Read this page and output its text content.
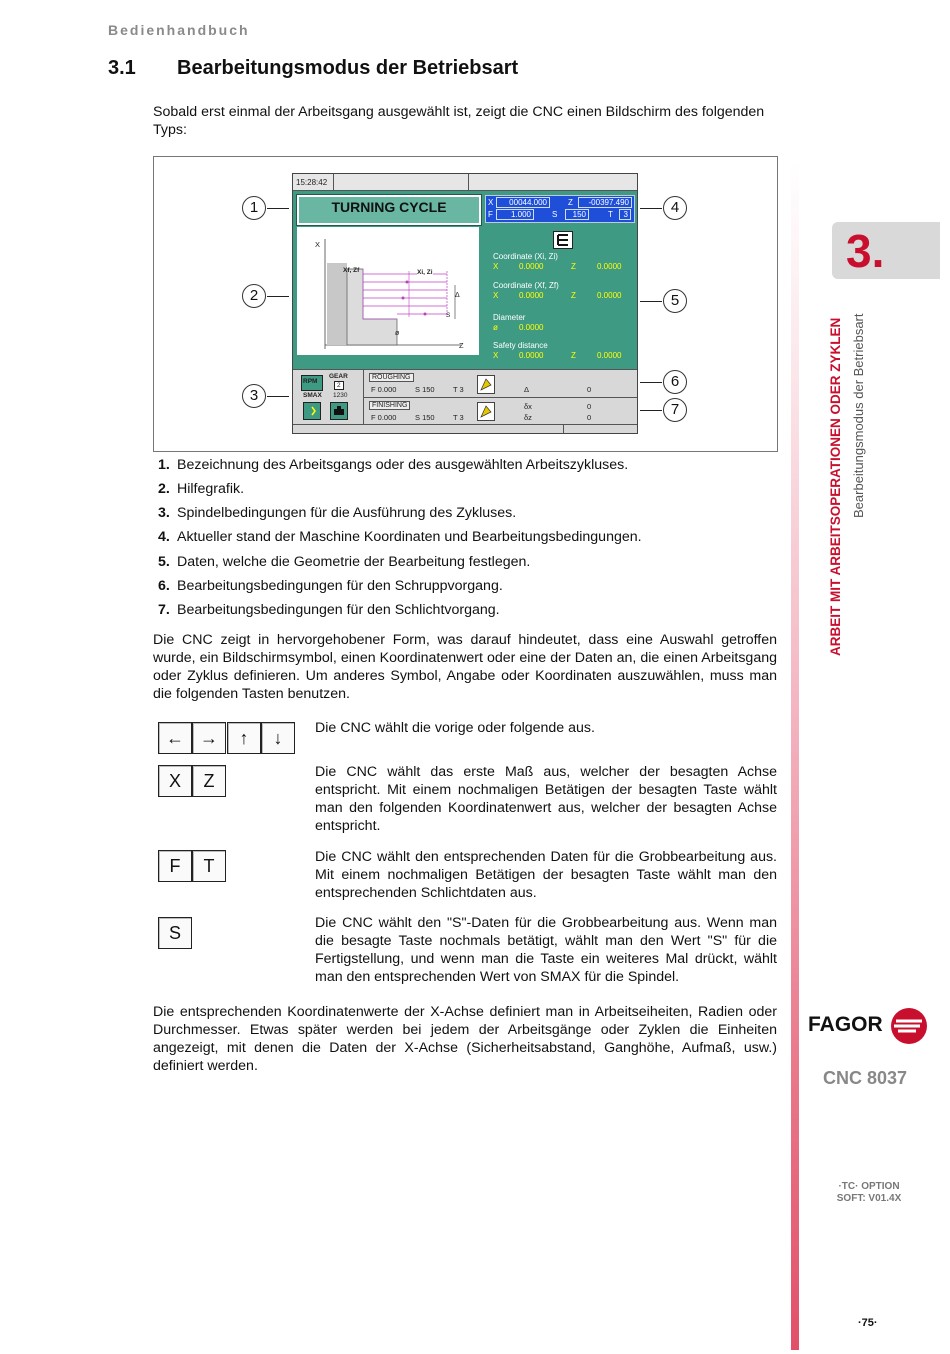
Bedienhandbuch
3.1 Bearbeitungsmodus der Betriebsart
Sobald erst einmal der Arbeitsgang ausgewählt ist, zeigt die CNC einen Bildschirm des folgenden Typs:
15:28:42
TURNING CYCLE	X	00044.000	Z	-00397.490
F	1.000	S	150	T	3
X
Z
Xf, Zf	Xi, Zi
Δ
S
ø
Coordinate (Xi, Zi)
X	0.0000	Z	0.0000
Coordinate (Xf, Zf)
X	0.0000	Z	0.0000
Diameter
ø	0.0000
Safety distance
X	0.0000	Z	0.0000
RPM
GEAR
2
SMAX 1230
ROUGHING
F 0.000 S 150 T 3	Δ	0
FINISHING
F 0.000 S 150 T 3
δx	0
δz	0
1
2
3
4
5
6
7
1. Bezeichnung des Arbeitsgangs oder des ausgewählten Arbeitszykluses.
2. Hilfegrafik.
3. Spindelbedingungen für die Ausführung des Zykluses.
4. Aktueller stand der Maschine Koordinaten und Bearbeitungsbedingungen.
5. Daten, welche die Geometrie der Bearbeitung festlegen.
6. Bearbeitungsbedingungen für den Schruppvorgang.
7. Bearbeitungsbedingungen für den Schlichtvorgang.
Die CNC zeigt in hervorgehobener Form, was darauf hindeutet, dass eine Auswahl getroffen wurde, ein Bildschirmsymbol, einen Koordinatenwert oder eine der Daten an, die einen Arbeitsgang oder Zyklus definieren. Um anderes Symbol, Angabe oder Koordinaten auszuwählen, muss man die folgenden Tasten benutzen.
← →	↑	↓	Die CNC wählt die vorige oder folgende aus.
X	Z	Die CNC wählt das erste Maß aus, welcher der besagten Achse entspricht. Mit einem nochmaligen Betätigen der besagten Taste wählt man den folgenden Koordinatenwert aus, welcher der besagten Achse entspricht.
F	T	Die CNC wählt den entsprechenden Daten für die Grobbearbeitung aus. Mit einem nochmaligen Betätigen der besagten Taste wählt man den entsprechenden Schlichtdaten aus.
S	Die CNC wählt den "S"-Daten für die Grobbearbeitung aus. Wenn man die besagte Taste nochmals betätigt, wählt man den Wert "S" für die Fertigstellung, und wenn man die Taste ein weiteres Mal drückt, wählt man den entsprechenden Wert von SMAX für die Spindel.
Die entsprechenden Koordinatenwerte der X-Achse definiert man in Arbeitseiheiten, Radien oder Durchmesser. Etwas später werden bei jedem der Arbeitsgänge oder Zyklen die Einheiten angezeigt, mit denen die Daten der X-Achse (Sicherheitsabstand, Ganghöhe, Aufmaß, usw.) definiert werden.
3.
ARBEIT MIT ARBEITSOPERATIONEN ODER ZYKLEN Bearbeitungsmodus der Betriebsart
FAGOR
CNC 8037
·TC· OPTION
SOFT: V01.4X
·75·
